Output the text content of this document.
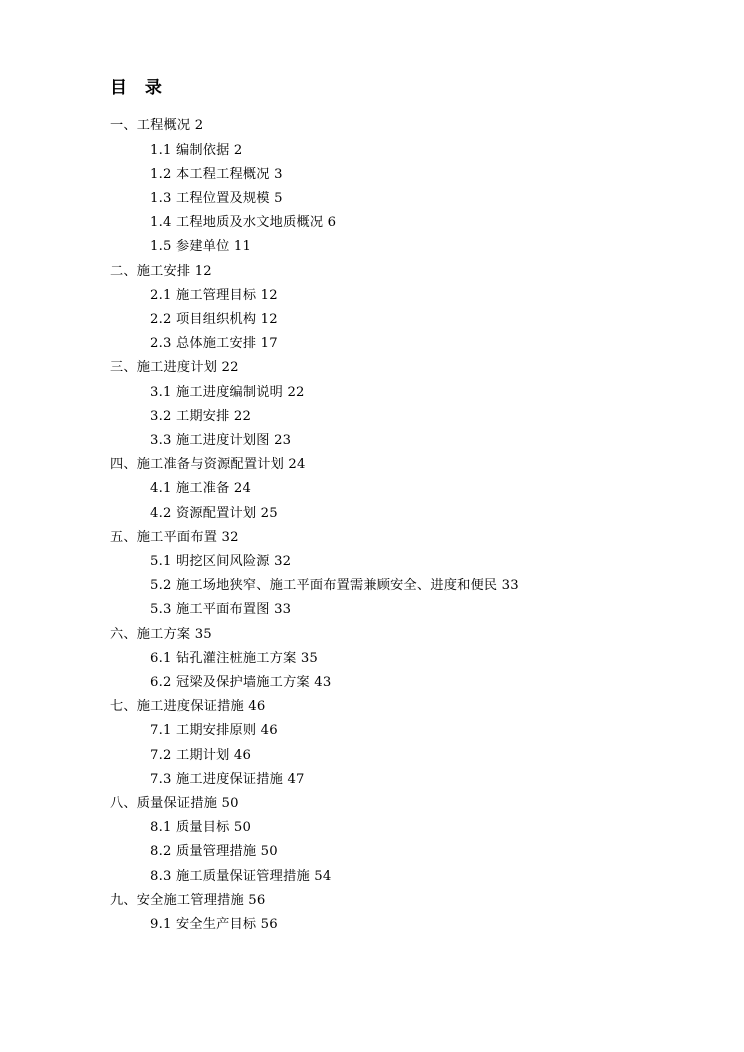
目 录
一、工程概况 2
1.1 编制依据 2
1.2 本工程工程概况 3
1.3 工程位置及规模 5
1.4 工程地质及水文地质概况 6
1.5 参建单位 11
二、施工安排 12
2.1 施工管理目标 12
2.2 项目组织机构 12
2.3 总体施工安排 17
三、施工进度计划 22
3.1 施工进度编制说明 22
3.2 工期安排 22
3.3 施工进度计划图 23
四、施工准备与资源配置计划 24
4.1 施工准备 24
4.2 资源配置计划 25
五、施工平面布置 32
5.1 明挖区间风险源 32
5.2 施工场地狭窄、施工平面布置需兼顾安全、进度和便民 33
5.3 施工平面布置图 33
六、施工方案 35
6.1 钻孔灌注桩施工方案 35
6.2 冠梁及保护墙施工方案 43
七、施工进度保证措施 46
7.1 工期安排原则 46
7.2 工期计划 46
7.3 施工进度保证措施 47
八、质量保证措施 50
8.1 质量目标 50
8.2 质量管理措施 50
8.3 施工质量保证管理措施 54
九、安全施工管理措施 56
9.1 安全生产目标 56
